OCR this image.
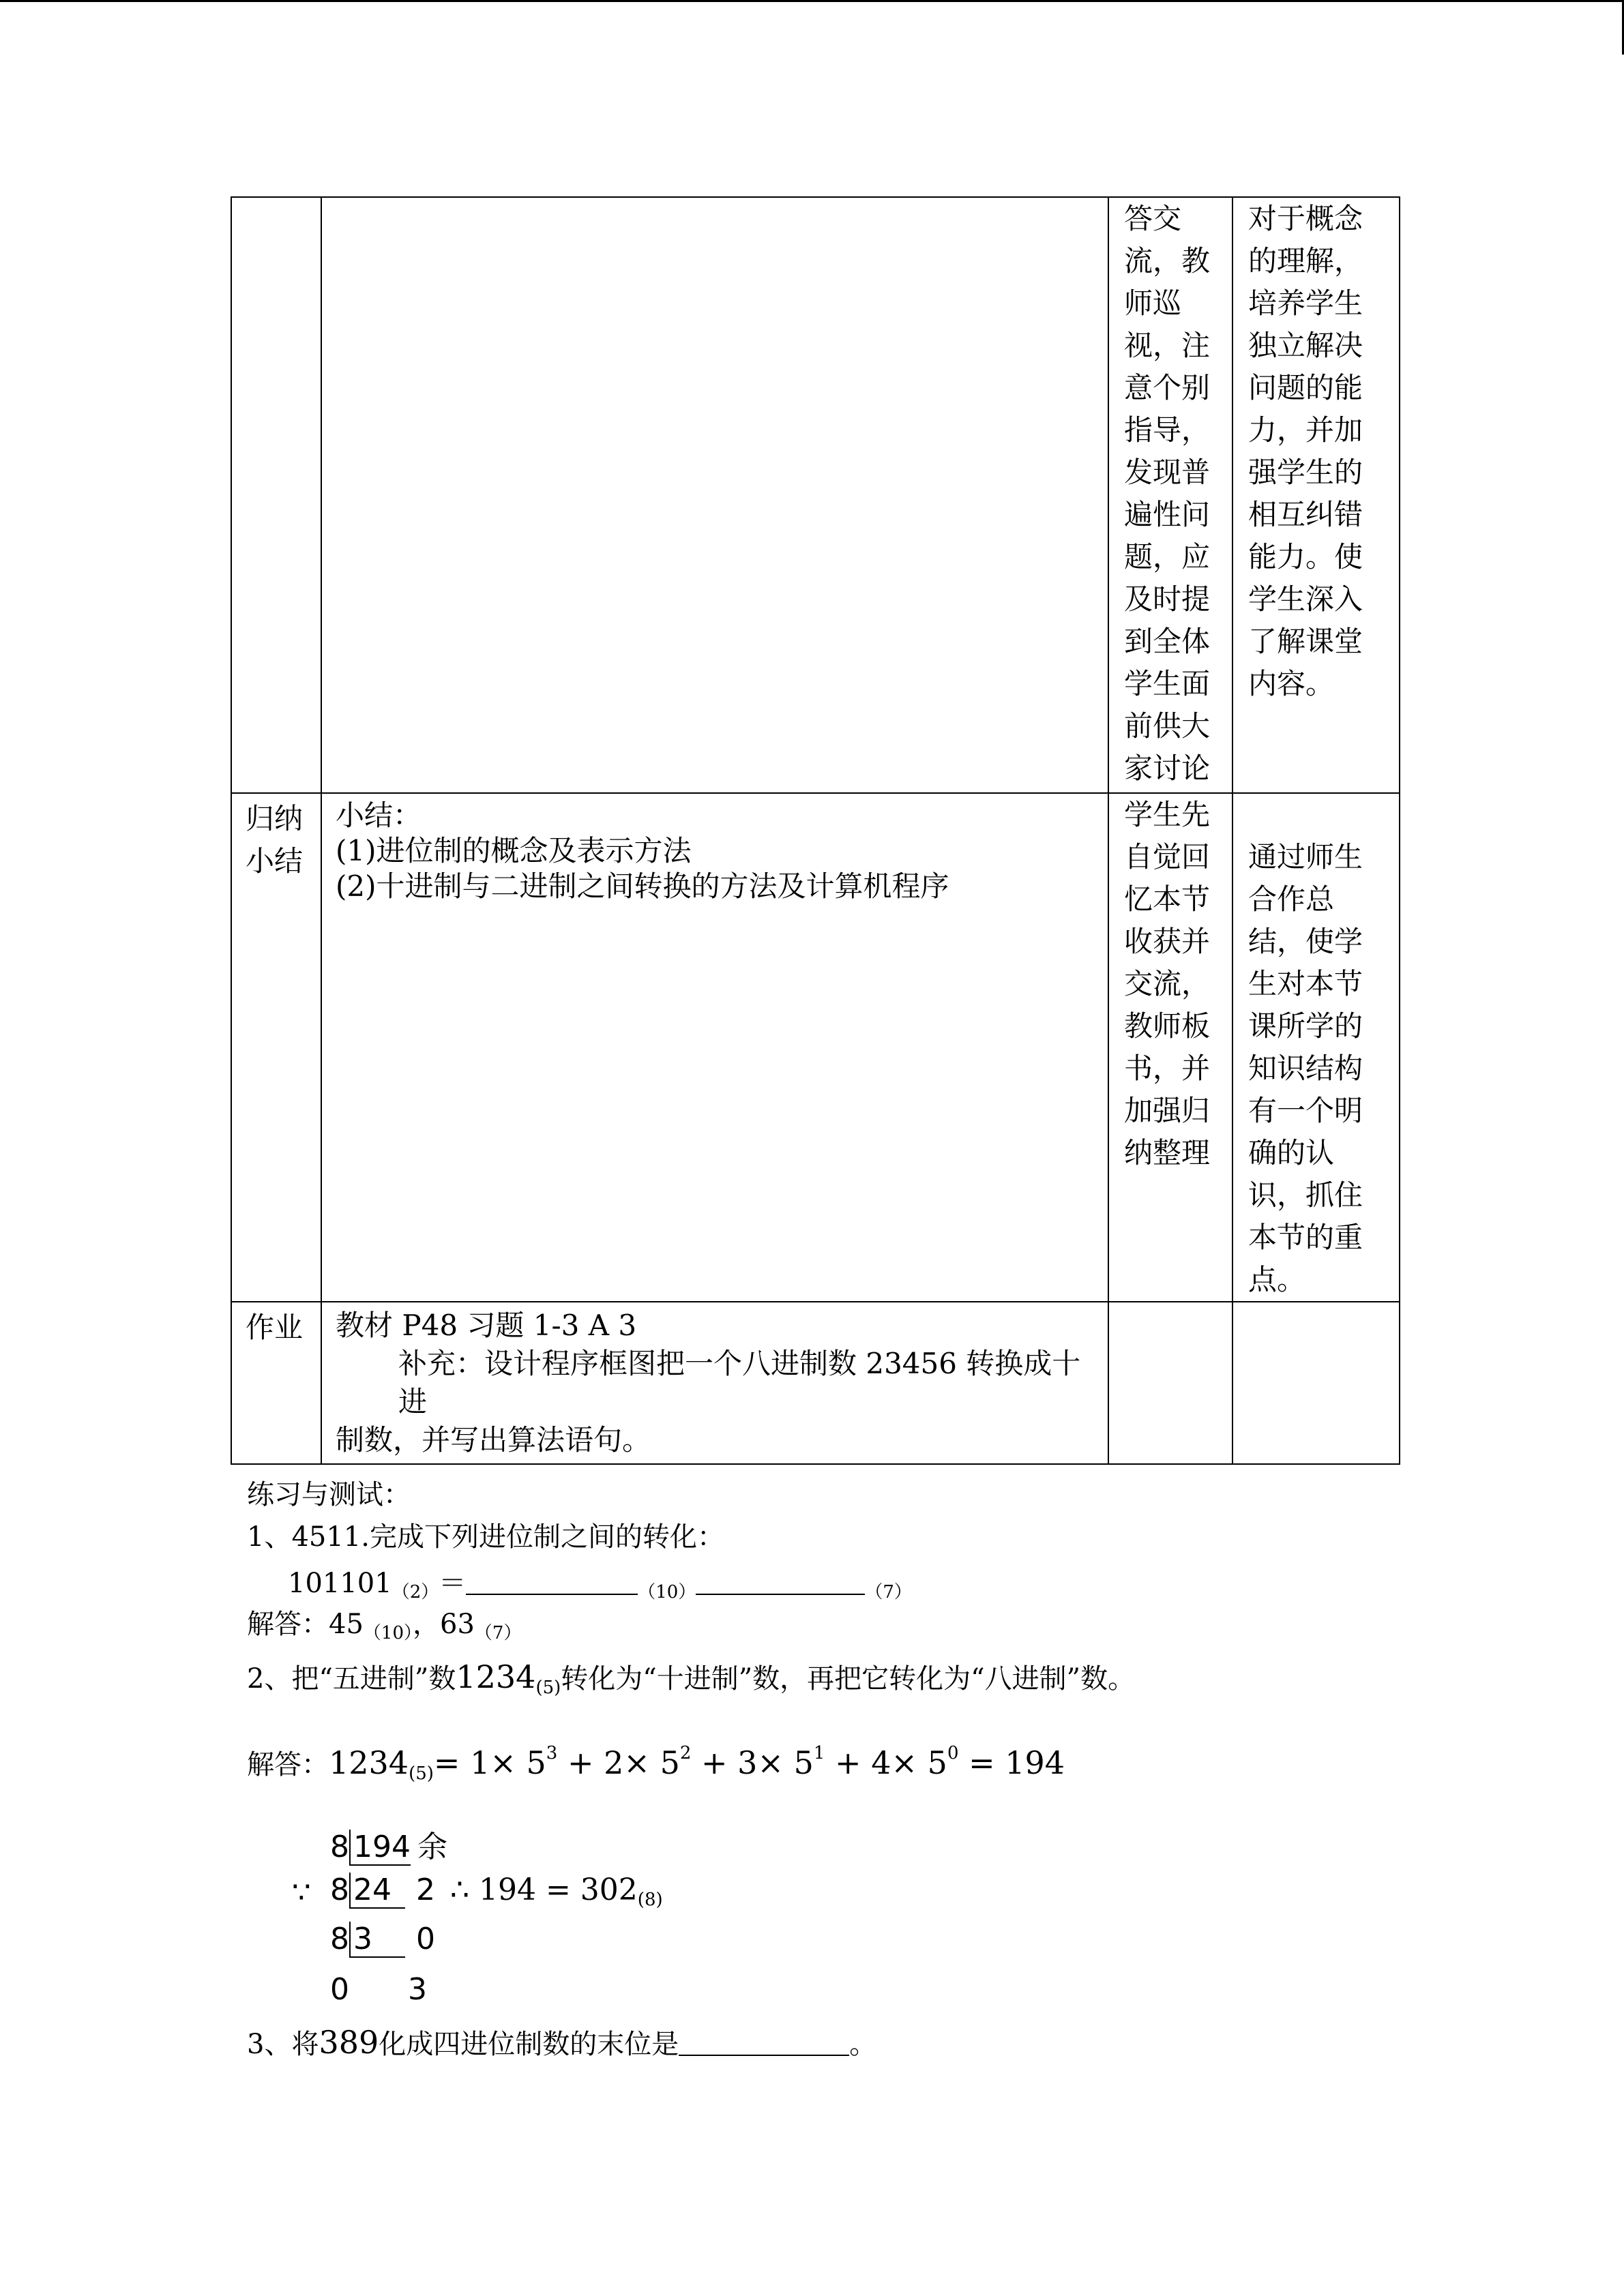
		答交流，教师巡视，注意个别指导，发现普遍性问题，应及时提到全体学生面前供大家讨论	对于概念的理解，培养学生独立解决问题的能力，并加强学生的相互纠错能力。使学生深入了解课堂内容。

归纳小结	小结：
(1)进位制的概念及表示方法
(2)十进制与二进制之间转换的方法及计算机程序	学生先自觉回忆本节收获并交流，教师板书，并加强归纳整理	通过师生合作总结，使学生对本节课所学的知识结构有一个明确的认识，抓住本节的重点。

作业	教材 P48 习题 1-3 A 3
补充：设计程序框图把一个八进制数 23456 转换成十进
制数，并写出算法语句。		

练习与测试：
1、4511.完成下列进位制之间的转化：
$101101_{(2)}=$	$_{(10)}$	$_{(7)}$
解答：$45_{(10)}$，$63_{(7)}$
2、把“五进制”数$1234_{(5)}$转化为“十进制”数，再把它转化为“八进制”数。
解答：$1234_{(5)}= 1\times 5^3 + 2\times 5^2 + 3\times 5^1 + 4\times 5^0 = 194$
8 194 余
∵ 8 24 2 ∴ $194 = 302_{(8)}$
8 3 0
0 3
3、将389化成四进位制数的末位是	。
